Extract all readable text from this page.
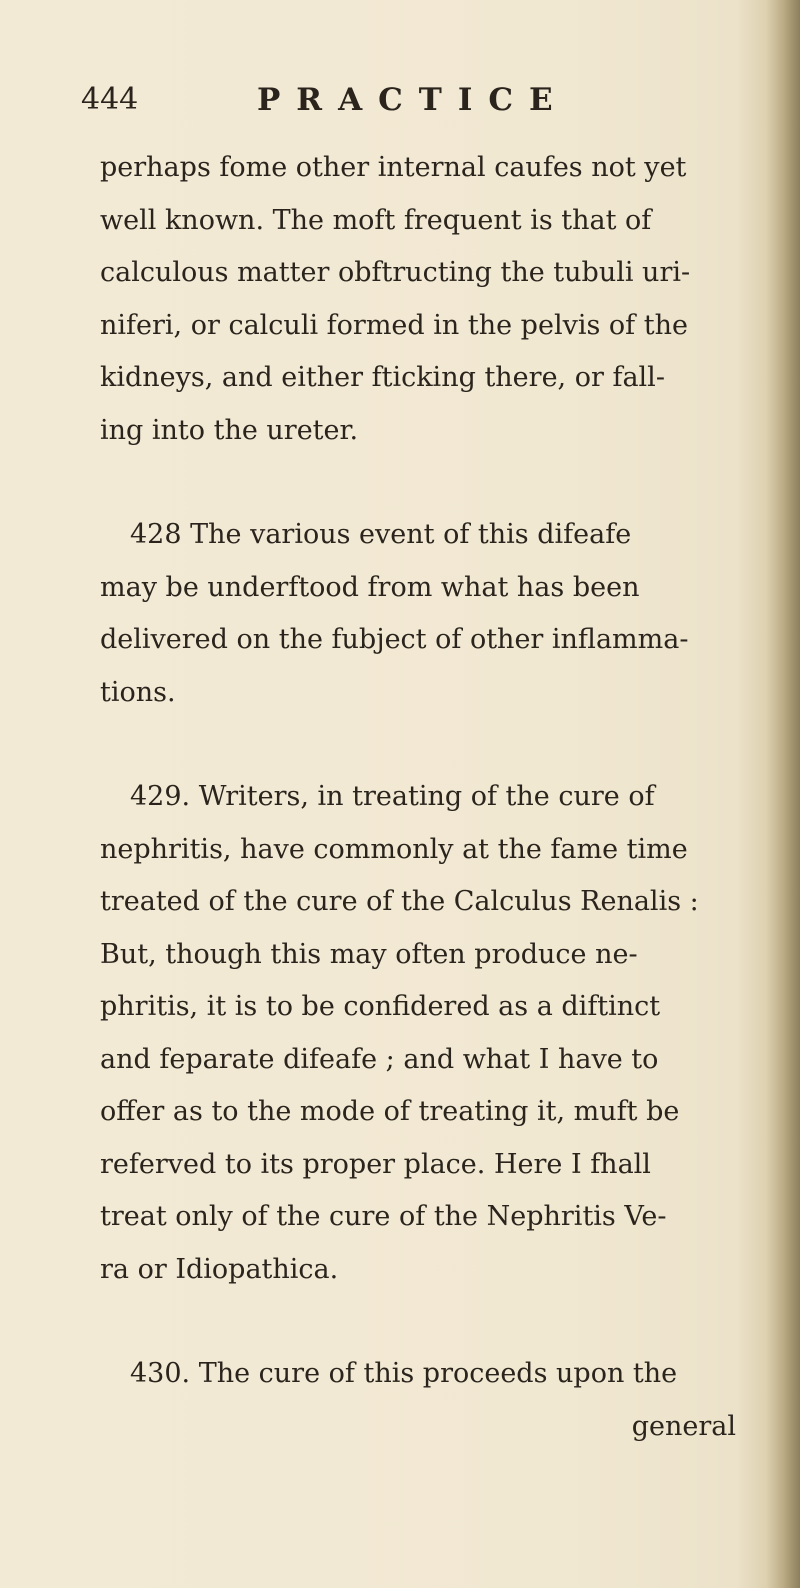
444	PRACTICE
perhaps fome other internal caufes not yet
well known. The moft frequent is that of
calculous matter obftructing the tubuli uri-
niferi, or calculi formed in the pelvis of the
kidneys, and either fticking there, or fall-
ing into the ureter.
428 The various event of this difeafe
may be underftood from what has been
delivered on the fubject of other inflamma-
tions.
429. Writers, in treating of the cure of
nephritis, have commonly at the fame time
treated of the cure of the Calculus Renalis :
But, though this may often produce ne-
phritis, it is to be confidered as a diftinct
and feparate difeafe ; and what I have to
offer as to the mode of treating it, muft be
referved to its proper place. Here I fhall
treat only of the cure of the Nephritis Ve-
ra or Idiopathica.
430. The cure of this proceeds upon the
general
